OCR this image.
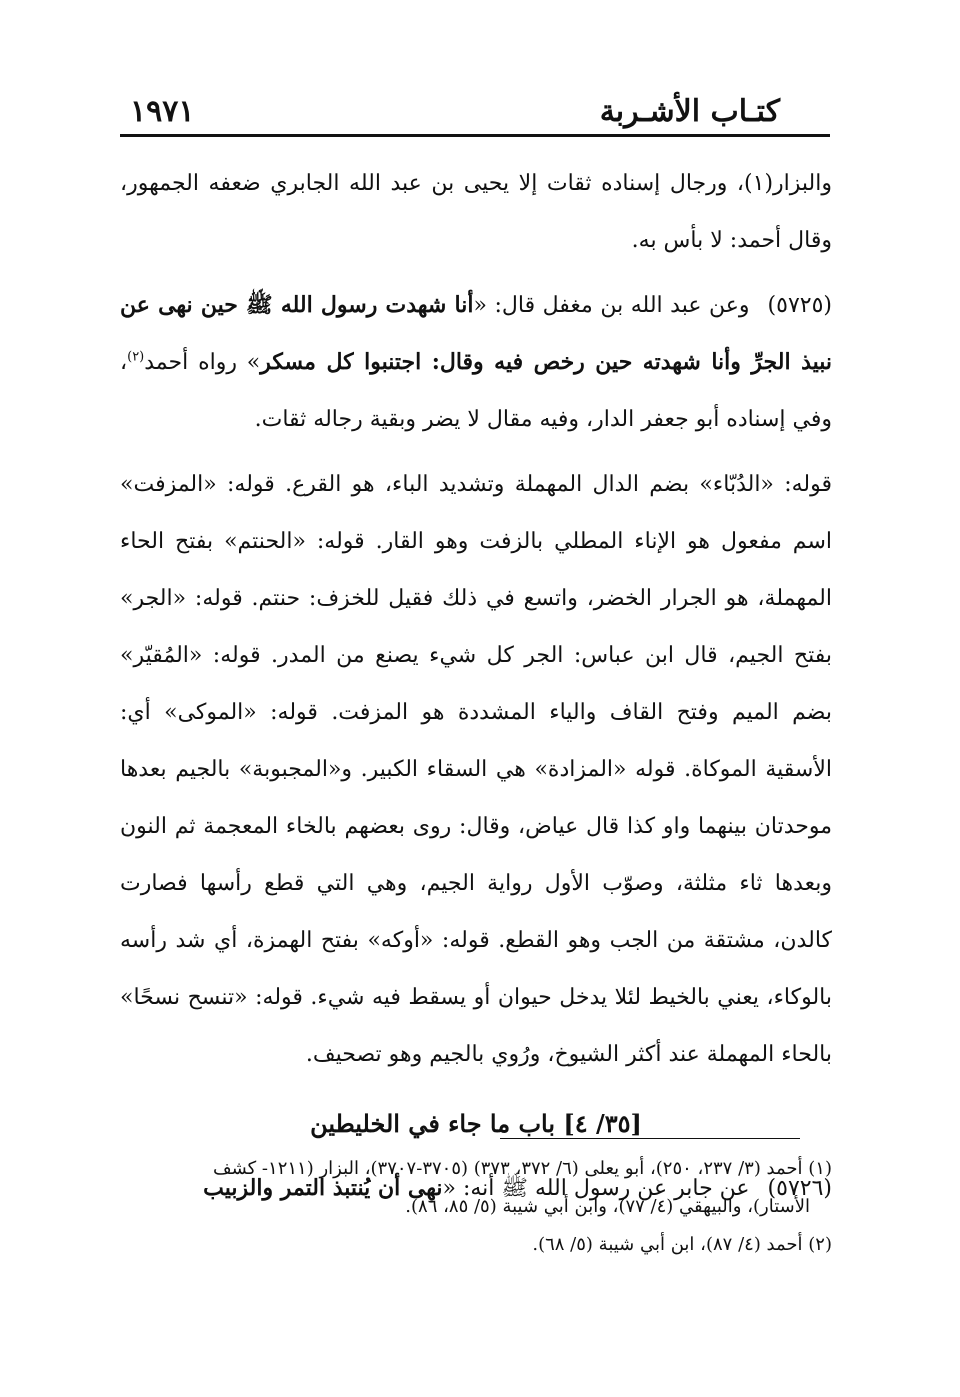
كتـاب الأشـربة
١٩٧١

والبزار(١)، ورجال إسناده ثقات إلا يحيى بن عبد الله الجابري ضعفه الجمهور، وقال أحمد: لا بأس به.

(٥٧٢٥)وعن عبد الله بن مغفل قال: «أنا شهدت رسول الله ﷺ حين نهى عن نبيذ الجرِّ وأنا شهدته حين رخص فيه وقال: اجتنبوا كل مسكر» رواه أحمد$^{(٢)}$، وفي إسناده أبو جعفر الدار، وفيه مقال لا يضر وبقية رجاله ثقات.

قوله: «الدُبّاء» بضم الدال المهملة وتشديد الباء، هو القرع. قوله: «المزفت» اسم مفعول هو الإناء المطلي بالزفت وهو القار. قوله: «الحنتم» بفتح الحاء المهملة، هو الجرار الخضر، واتسع في ذلك فقيل للخزف: حنتم. قوله: «الجر» بفتح الجيم، قال ابن عباس: الجر كل شيء يصنع من المدر. قوله: «المُقيّر» بضم الميم وفتح القاف والياء المشددة هو المزفت. قوله: «الموكى» أي: الأسقية الموكاة. قوله «المزادة» هي السقاء الكبير. و«المجبوبة» بالجيم بعدها موحدتان بينهما واو كذا قال عياض، وقال: روى بعضهم بالخاء المعجمة ثم النون وبعدها ثاء مثلثة، وصوّب الأول رواية الجيم، وهي التي قطع رأسها فصارت كالدن، مشتقة من الجب وهو القطع. قوله: «أوكه» بفتح الهمزة، أي شد رأسه بالوكاء، يعني بالخيط لئلا يدخل حيوان أو يسقط فيه شيء. قوله: «تنسح نسحًا» بالحاء المهملة عند أكثر الشيوخ، ورُوي بالجيم وهو تصحيف.

[٣٥/ ٤] باب ما جاء في الخليطين

(٥٧٢٦)عن جابر عن رسول الله ﷺ أنه: «نهى أن يُنتبذ التمر والزبيب

(١) أحمد (٣/ ٢٣٧، ٢٥٠)، أبو يعلى (٦/ ٣٧٢، ٣٧٣) (٣٧٠٥-٣٧٠٧)، البزار (١٢١١- كشف

الأستار)، والبيهقي (٤/ ٧٧)، وابن أبي شيبة (٥/ ٨٥، ٨٦).

(٢) أحمد (٤/ ٨٧)، ابن أبي شيبة (٥/ ٦٨).
